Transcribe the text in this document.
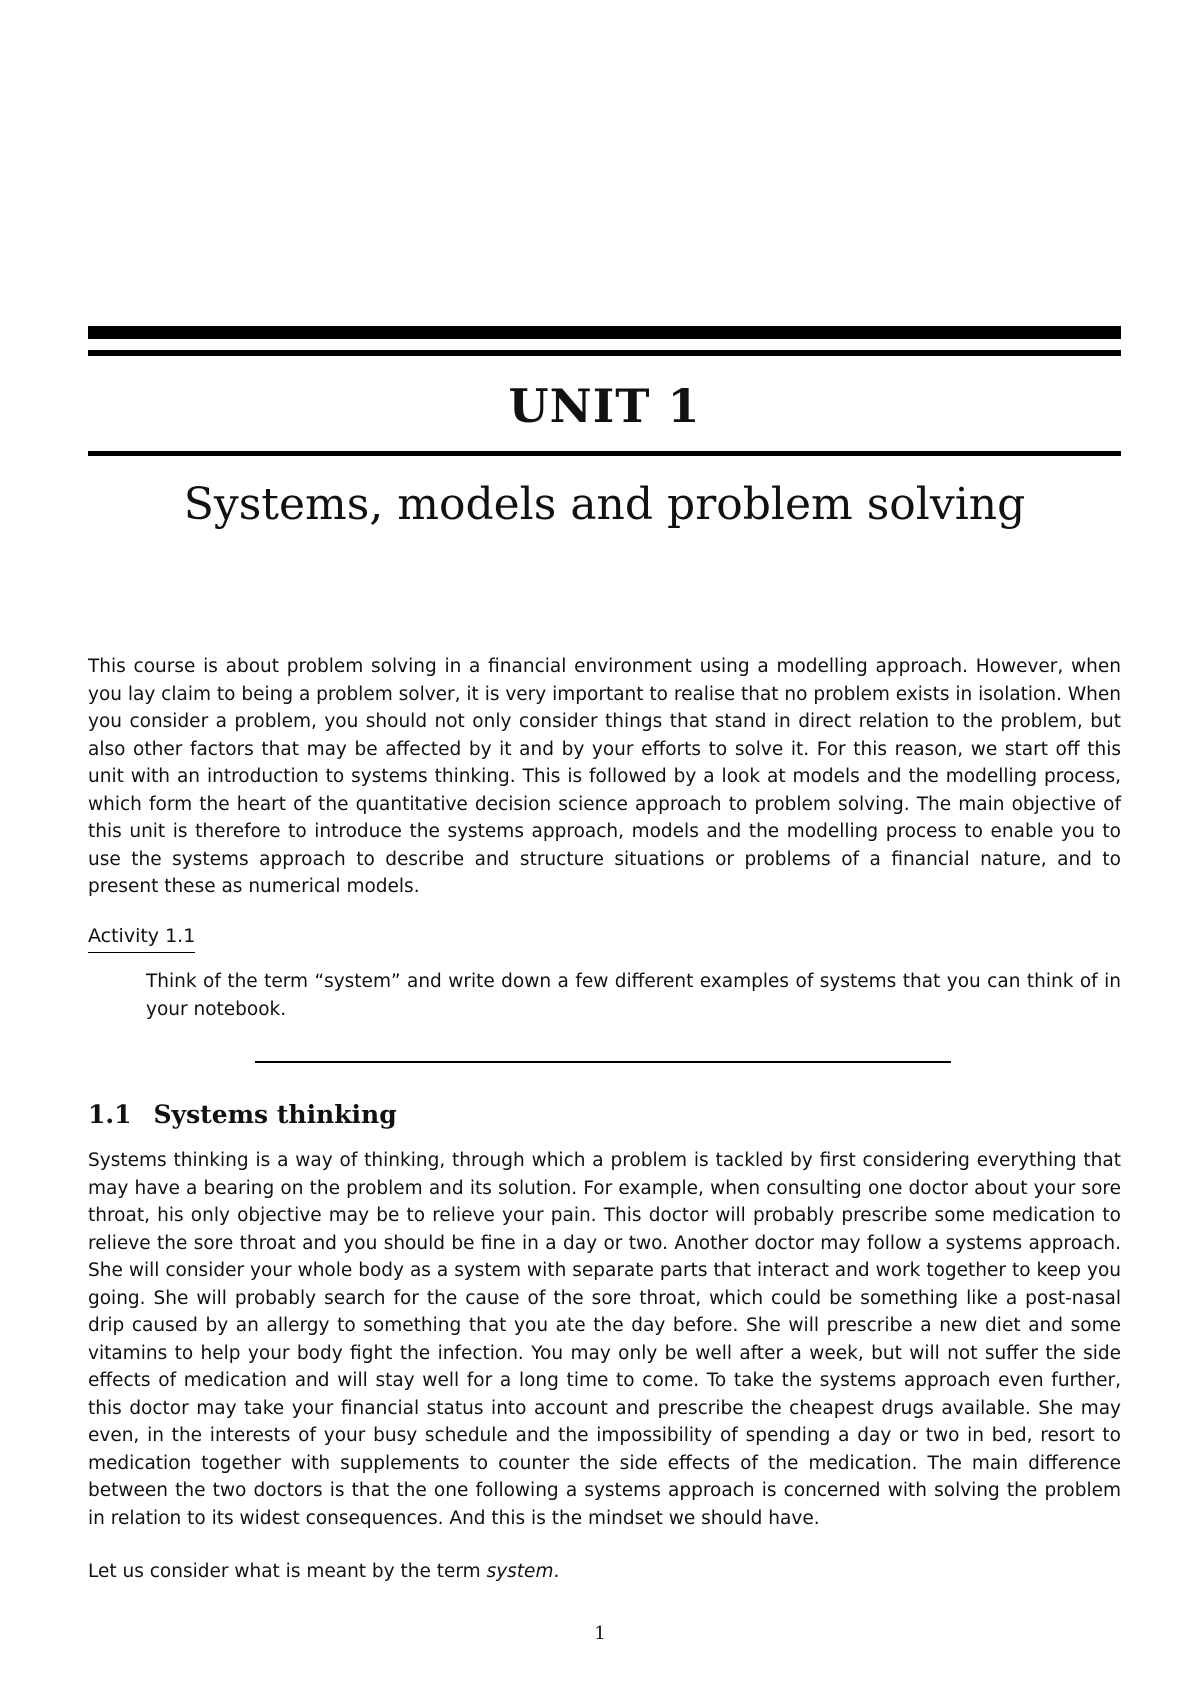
UNIT 1
Systems, models and problem solving

This course is about problem solving in a financial environment using a modelling approach. However, when you lay claim to being a problem solver, it is very important to realise that no problem exists in isolation. When you consider a problem, you should not only consider things that stand in direct relation to the problem, but also other factors that may be affected by it and by your efforts to solve it. For this reason, we start off this unit with an introduction to systems thinking. This is followed by a look at models and the modelling process, which form the heart of the quantitative decision science approach to problem solving. The main objective of this unit is therefore to introduce the systems approach, models and the modelling process to enable you to use the systems approach to describe and structure situations or problems of a financial nature, and to present these as numerical models.

Activity 1.1

Think of the term “system” and write down a few different examples of systems that you can think of in your notebook.

1.1 Systems thinking

Systems thinking is a way of thinking, through which a problem is tackled by first considering everything that may have a bearing on the problem and its solution. For example, when consulting one doctor about your sore throat, his only objective may be to relieve your pain. This doctor will probably prescribe some medication to relieve the sore throat and you should be fine in a day or two. Another doctor may follow a systems approach. She will consider your whole body as a system with separate parts that interact and work together to keep you going. She will probably search for the cause of the sore throat, which could be something like a post-nasal drip caused by an allergy to something that you ate the day before. She will prescribe a new diet and some vitamins to help your body fight the infection. You may only be well after a week, but will not suffer the side effects of medication and will stay well for a long time to come. To take the systems approach even further, this doctor may take your financial status into account and prescribe the cheapest drugs available. She may even, in the interests of your busy schedule and the impossibility of spending a day or two in bed, resort to medication together with supplements to counter the side effects of the medication. The main difference between the two doctors is that the one following a systems approach is concerned with solving the problem in relation to its widest consequences. And this is the mindset we should have.

Let us consider what is meant by the term system.

1
